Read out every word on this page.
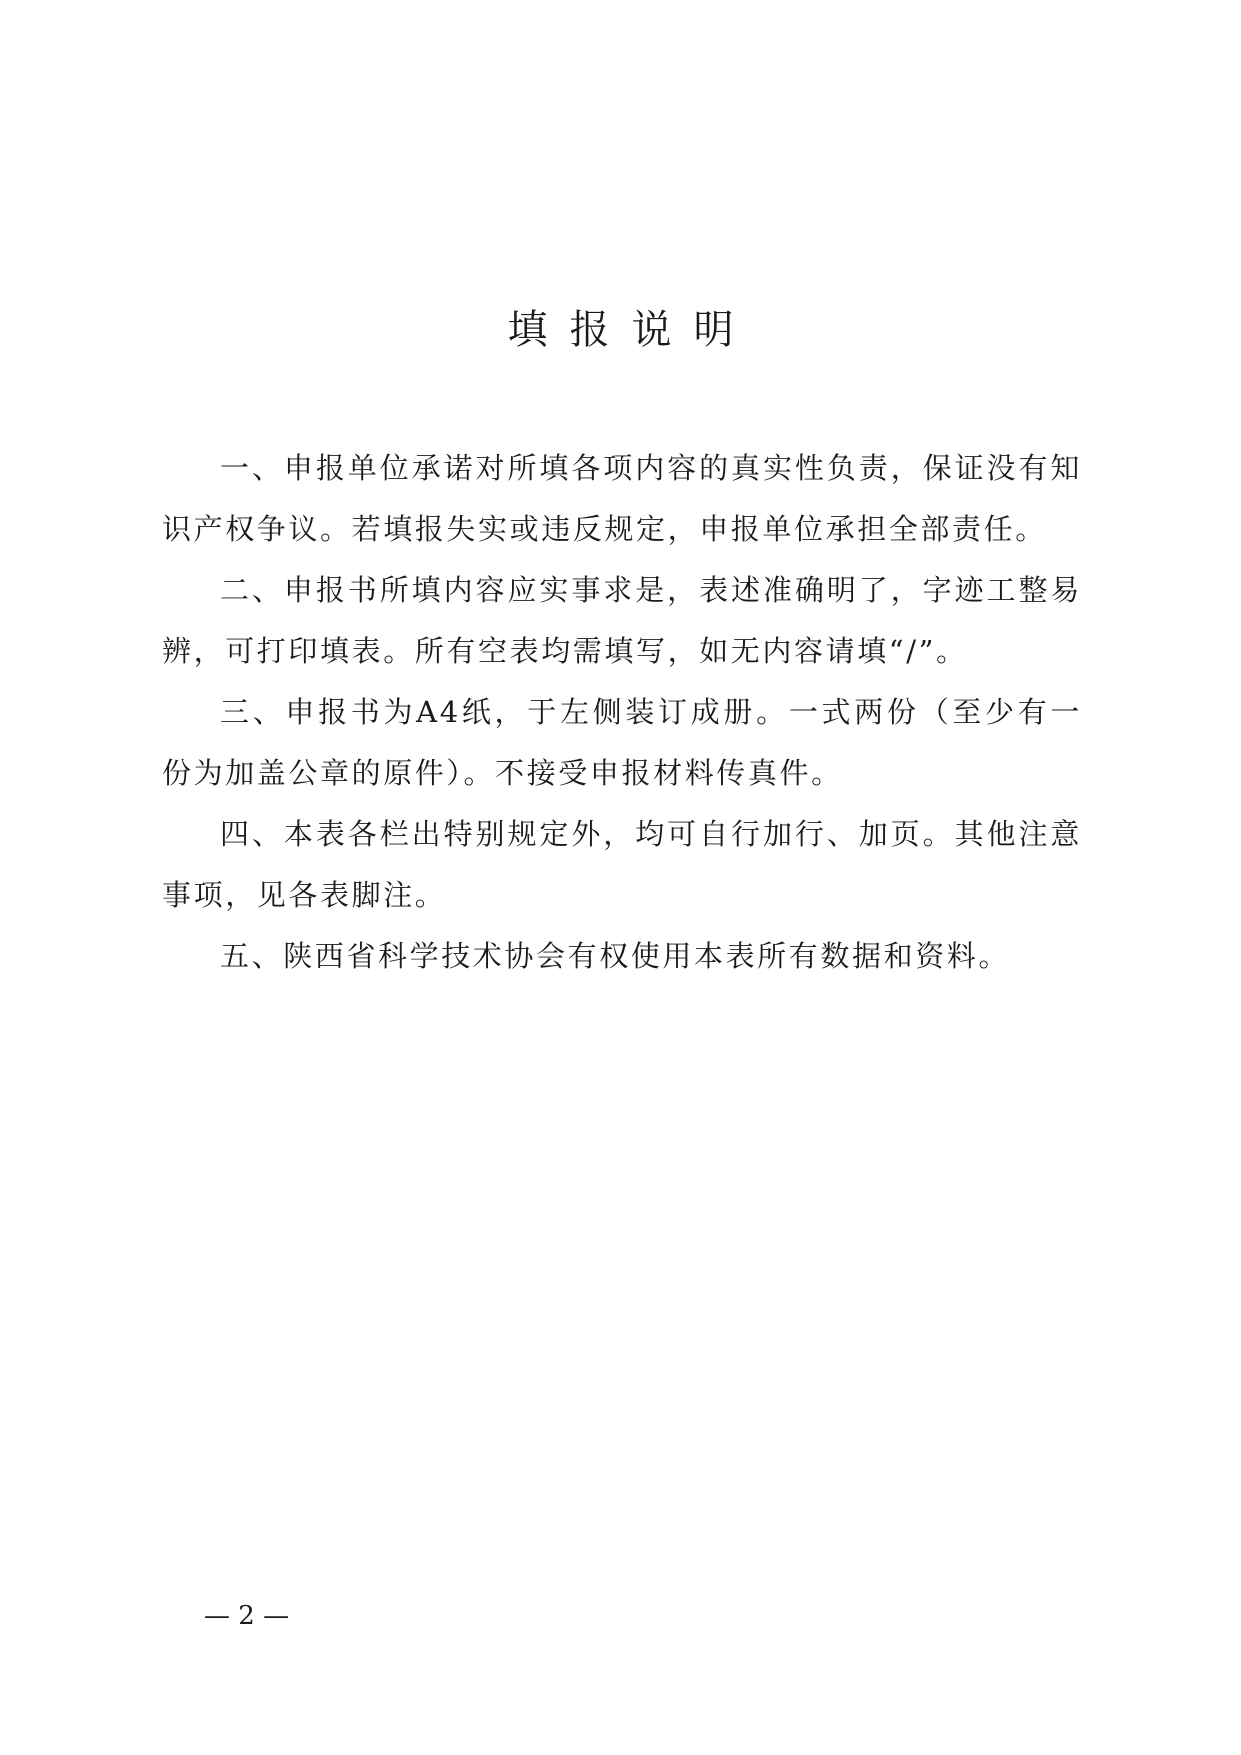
填报说明

一、申报单位承诺对所填各项内容的真实性负责，保证没有知识产权争议。若填报失实或违反规定，申报单位承担全部责任。

二、申报书所填内容应实事求是，表述准确明了，字迹工整易辨，可打印填表。所有空表均需填写，如无内容请填“/”。

三、申报书为A4纸，于左侧装订成册。一式两份（至少有一份为加盖公章的原件）。不接受申报材料传真件。

四、本表各栏出特别规定外，均可自行加行、加页。其他注意事项，见各表脚注。

五、陕西省科学技术协会有权使用本表所有数据和资料。

— 2 —
